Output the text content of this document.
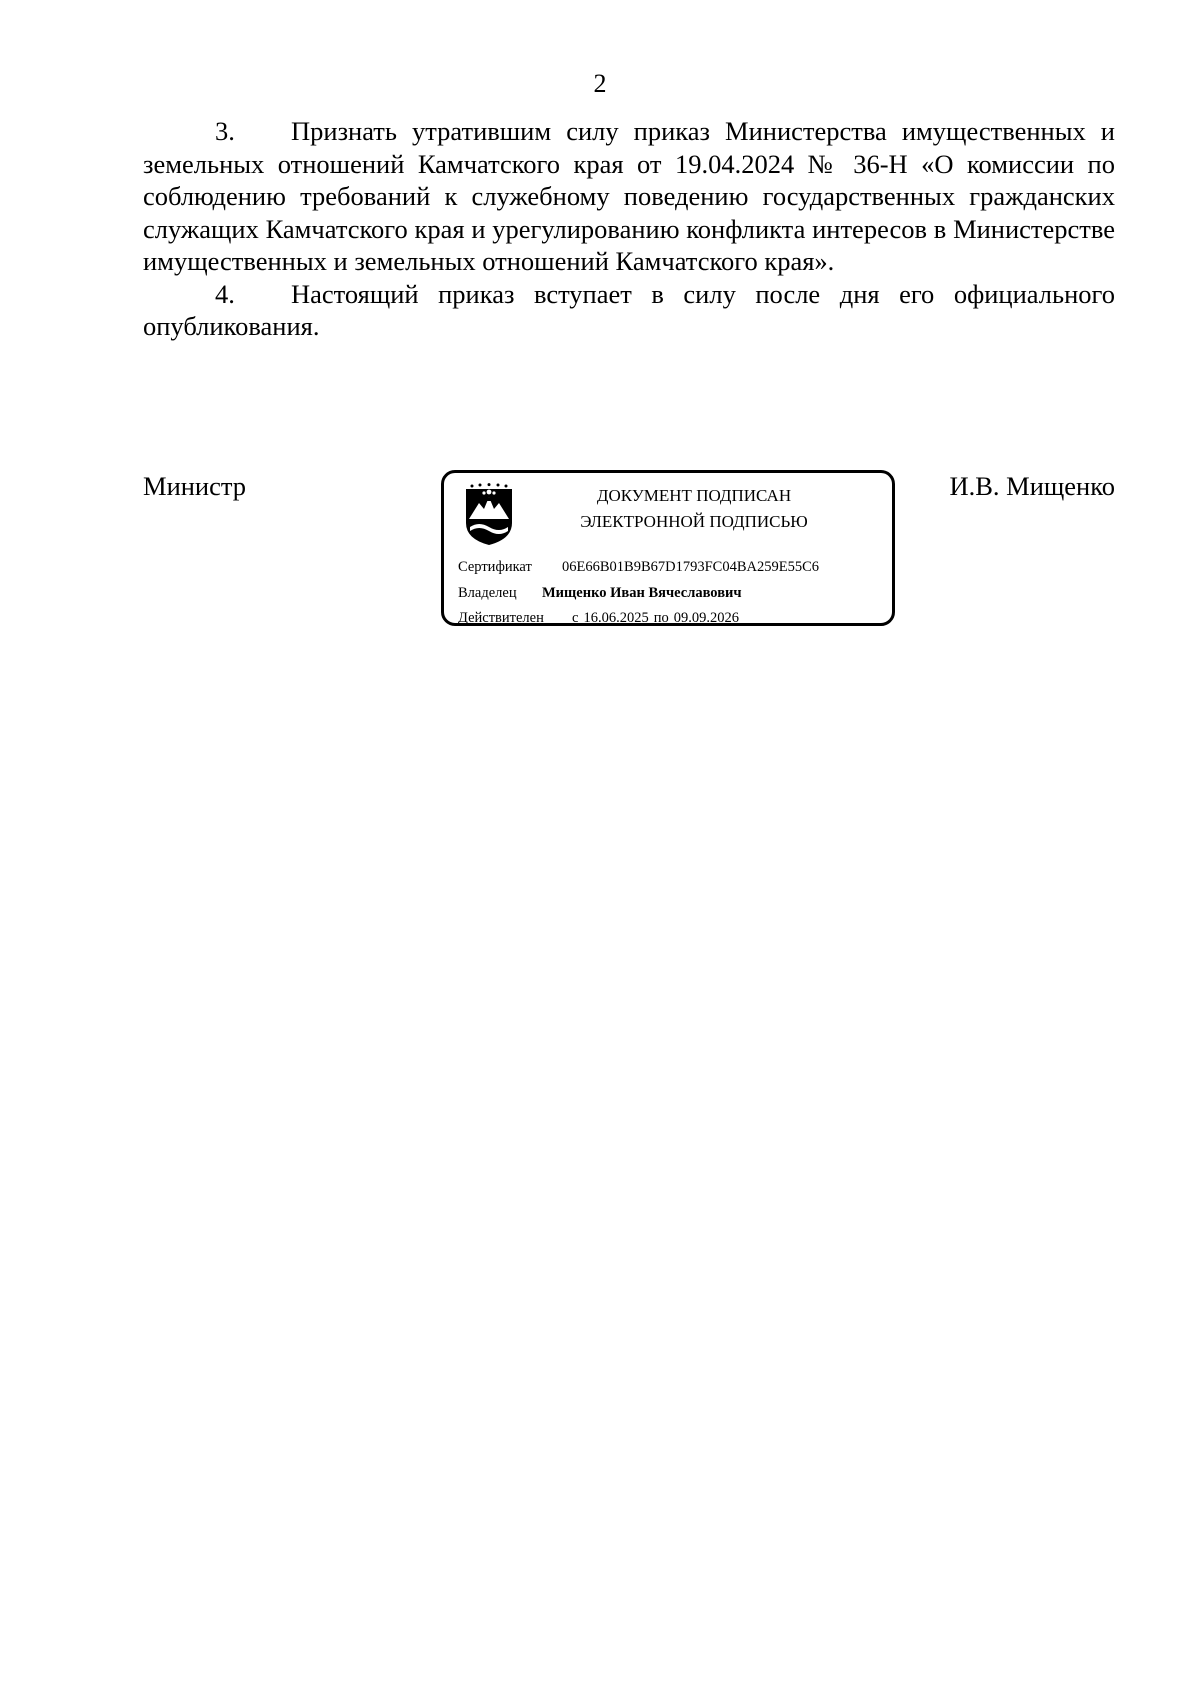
2

3. Признать утратившим силу приказ Министерства имущественных и земельных отношений Камчатского края от 19.04.2024 № 36-Н «О комиссии по соблюдению требований к служебному поведению государственных гражданских служащих Камчатского края и урегулированию конфликта интересов в Министерстве имущественных и земельных отношений Камчатского края».

4. Настоящий приказ вступает в силу после дня его официального опубликования.

Министр	И.В. Мищенко
ДОКУМЕНТ ПОДПИСАН
ЭЛЕКТРОННОЙ ПОДПИСЬЮ
Сертификат 06E66B01B9B67D1793FC04BA259E55C6
Владелец Мищенко Иван Вячеславович
Действителен с 16.06.2025 по 09.09.2026
